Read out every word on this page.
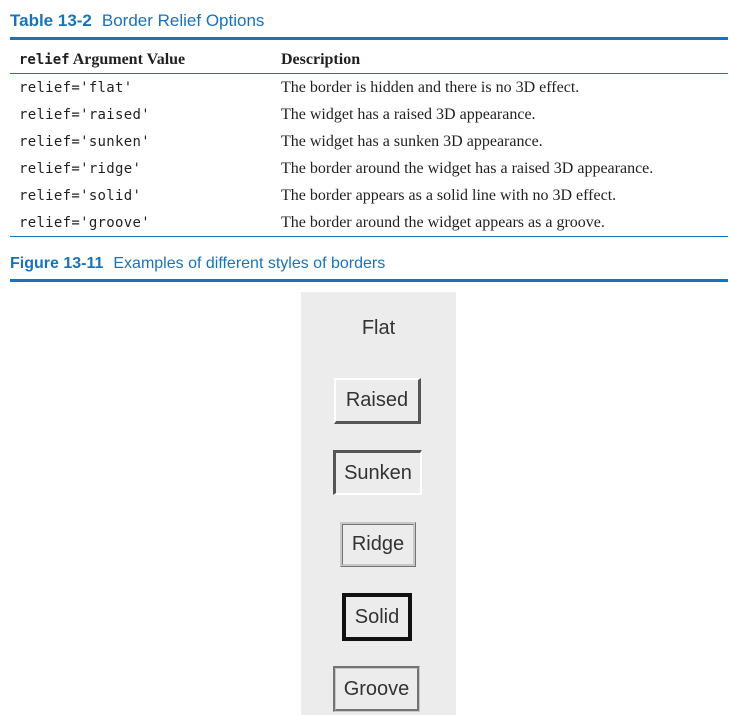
Table 13-2 Border Relief Options
relief Argument Value	Description
relief='flat'	The border is hidden and there is no 3D effect.
relief='raised'	The widget has a raised 3D appearance.
relief='sunken'	The widget has a sunken 3D appearance.
relief='ridge'	The border around the widget has a raised 3D appearance.
relief='solid'	The border appears as a solid line with no 3D effect.
relief='groove'	The border around the widget appears as a groove.
Figure 13-11 Examples of different styles of borders
Flat
Raised
Sunken
Ridge
Solid
Groove
